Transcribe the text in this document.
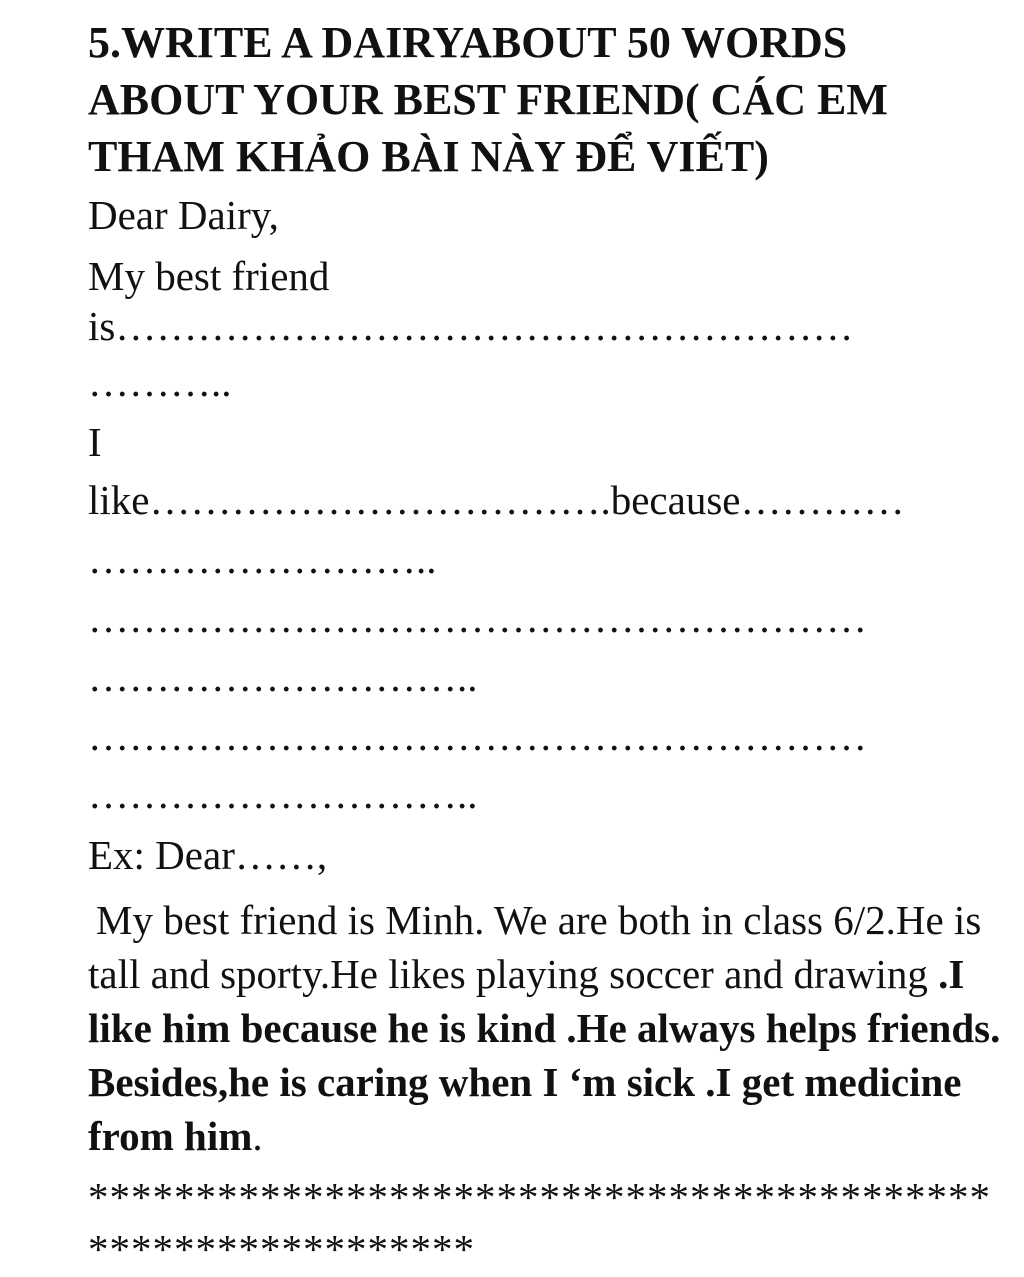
5.WRITE A DAIRYABOUT 50 WORDS
ABOUT YOUR BEST FRIEND( CÁC EM
THAM KHẢO BÀI NÀY ĐỂ VIẾT)
Dear Dairy,
My best friend
is………………………………………………
………..
I
like…………………………….because…………
……………………..
…………………………………………………
………………………..
…………………………………………………
………………………..
Ex: Dear……,

My best friend is Minh. We are both in class 6/2.He is tall and sporty.He likes playing soccer and drawing .I like him because he is kind .He always helps friends. Besides,he is caring when I ‘m sick .I get medicine from him.

******************************************
******************
